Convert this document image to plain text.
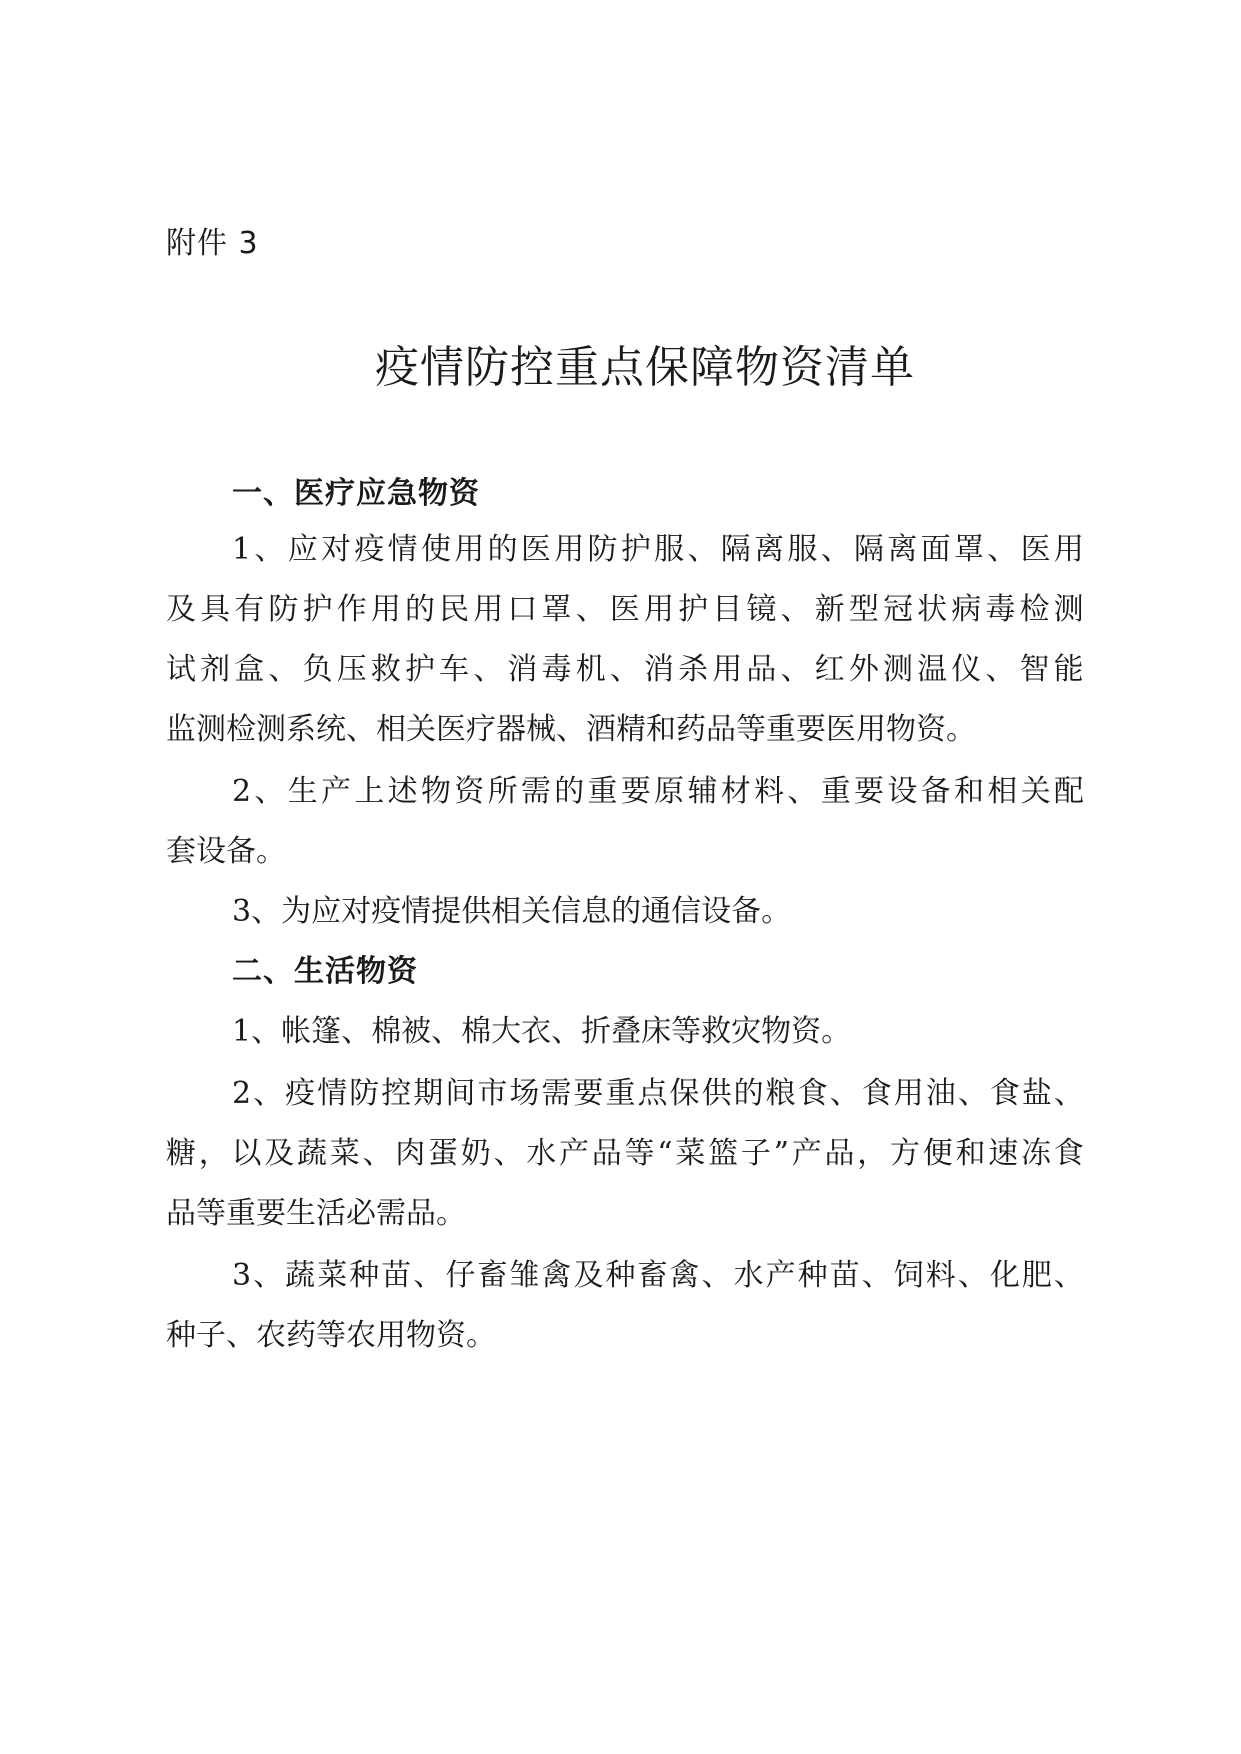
附件 3
疫情防控重点保障物资清单
一、医疗应急物资
1 、 应 对 疫 情 使 用 的 医 用 防 护 服 、 隔 离 服 、 隔 离 面 罩 、 医 用
及 具 有 防 护 作 用 的 民 用 口 罩 、 医 用 护 目 镜 、 新 型 冠 状 病 毒 检 测
试 剂 盒 、 负 压 救 护 车 、 消 毒 机 、 消 杀 用 品 、 红 外 测 温 仪 、 智 能
监测检测系统、相关医疗器械、酒精和药品等重要医用物资。
2 、 生 产 上 述 物 资 所 需 的 重 要 原 辅 材 料 、 重 要 设 备 和 相 关 配
套设备。
3、为应对疫情提供相关信息的通信设备。
二、生活物资
1、帐篷、棉被、棉大衣、折叠床等救灾物资。
2 、 疫 情 防 控 期 间 市 场 需 要 重 点 保 供 的 粮 食 、 食 用 油 、 食 盐 、
糖 ， 以 及 蔬 菜 、 肉 蛋 奶 、 水 产 品 等 “ 菜 篮 子 ” 产 品 ， 方 便 和 速 冻 食
品等重要生活必需品。
3 、 蔬 菜 种 苗 、 仔 畜 雏 禽 及 种 畜 禽 、 水 产 种 苗 、 饲 料 、 化 肥 、
种子、农药等农用物资。
